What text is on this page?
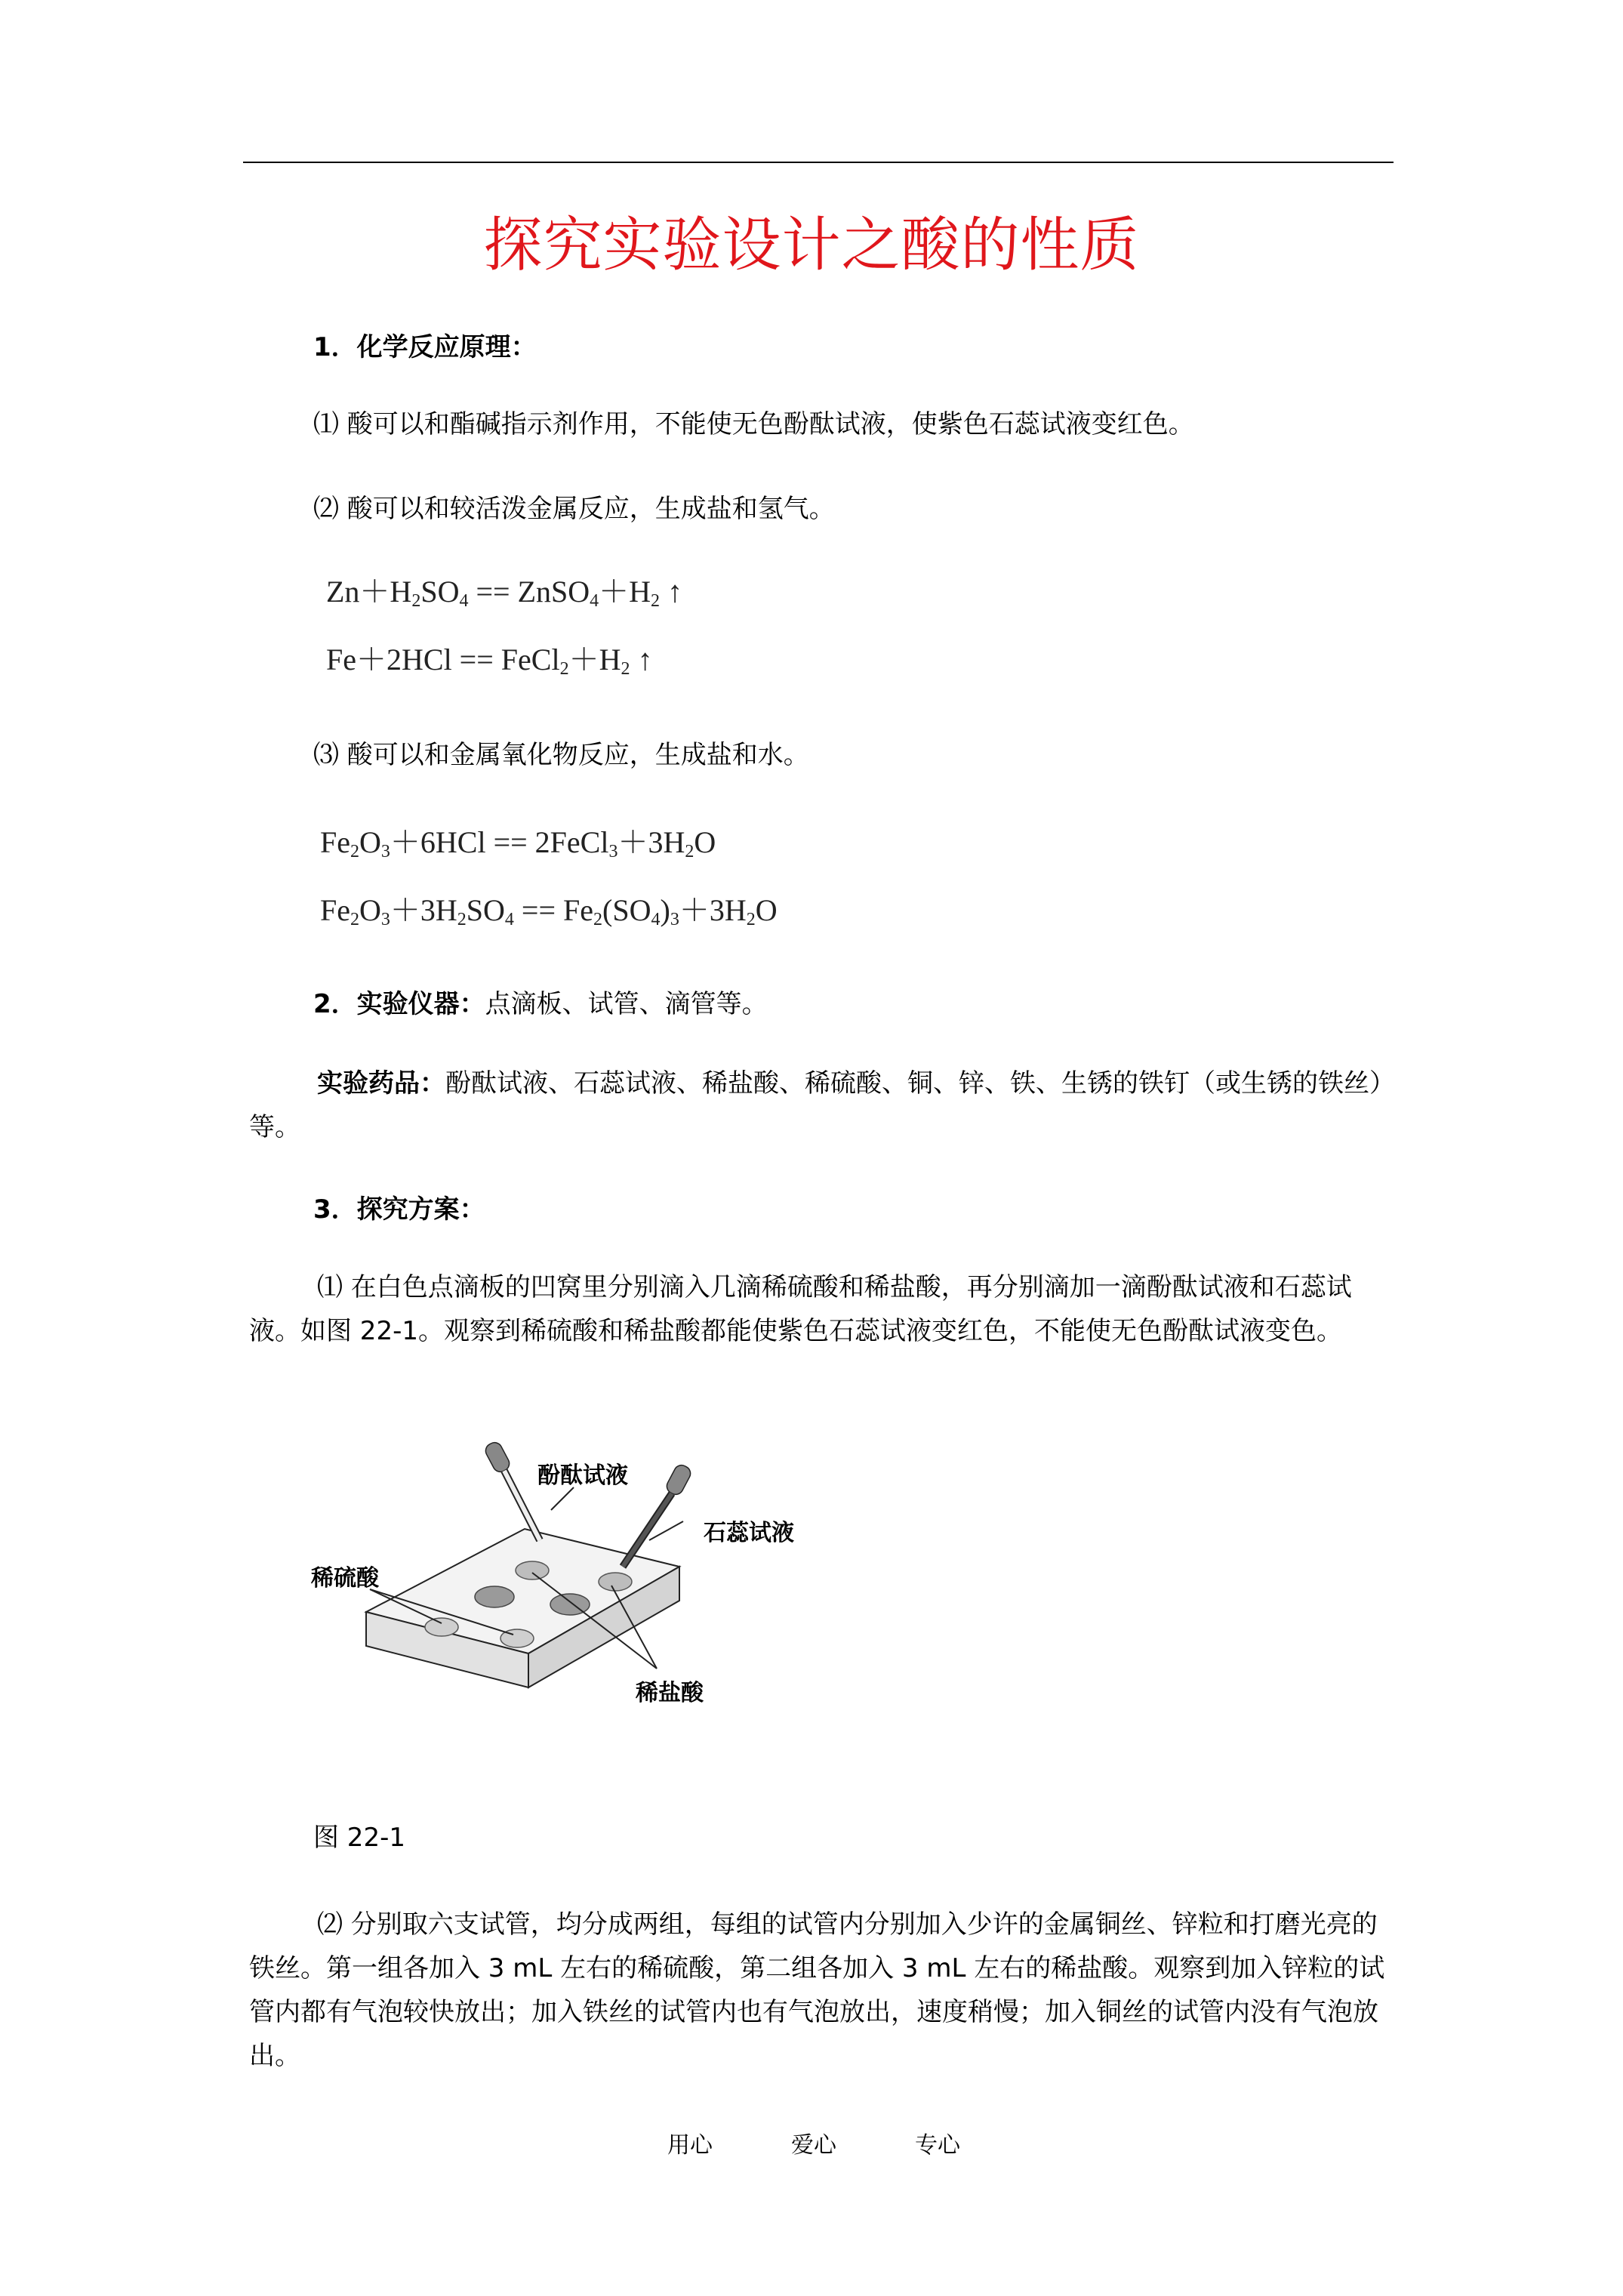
探究实验设计之酸的性质
1．化学反应原理：
⑴ 酸可以和酯碱指示剂作用，不能使无色酚酞试液，使紫色石蕊试液变红色。
⑵ 酸可以和较活泼金属反应，生成盐和氢气。
$Zn+H_2SO_4$ == $ZnSO_4+H_2$ ↑
$Fe+2HCl == FeCl_2+H_2$ ↑
⑶ 酸可以和金属氧化物反应，生成盐和水。
$Fe_2O_3+6HCl$ == $2FeCl_3+3H_2O$
$Fe_2O_3+3H_2SO_4 == Fe_2(SO_4)_3+3H_2O$
2．实验仪器：点滴板、试管、滴管等。
实验药品：酚酞试液、石蕊试液、稀盐酸、稀硫酸、铜、锌、铁、生锈的铁钉（或生锈的铁丝）等。
3．探究方案：
⑴ 在白色点滴板的凹窝里分别滴入几滴稀硫酸和稀盐酸，再分别滴加一滴酚酞试液和石蕊试液。如图 22-1。观察到稀硫酸和稀盐酸都能使紫色石蕊试液变红色，不能使无色酚酞试液变色。
酚酞试液
石蕊试液
稀硫酸
稀盐酸
图 22-1
⑵ 分别取六支试管，均分成两组，每组的试管内分别加入少许的金属铜丝、锌粒和打磨光亮的铁丝。第一组各加入 3 mL 左右的稀硫酸，第二组各加入 3 mL 左右的稀盐酸。观察到加入锌粒的试管内都有气泡较快放出；加入铁丝的试管内也有气泡放出，速度稍慢；加入铜丝的试管内没有气泡放出。
用心	爱心	专心
